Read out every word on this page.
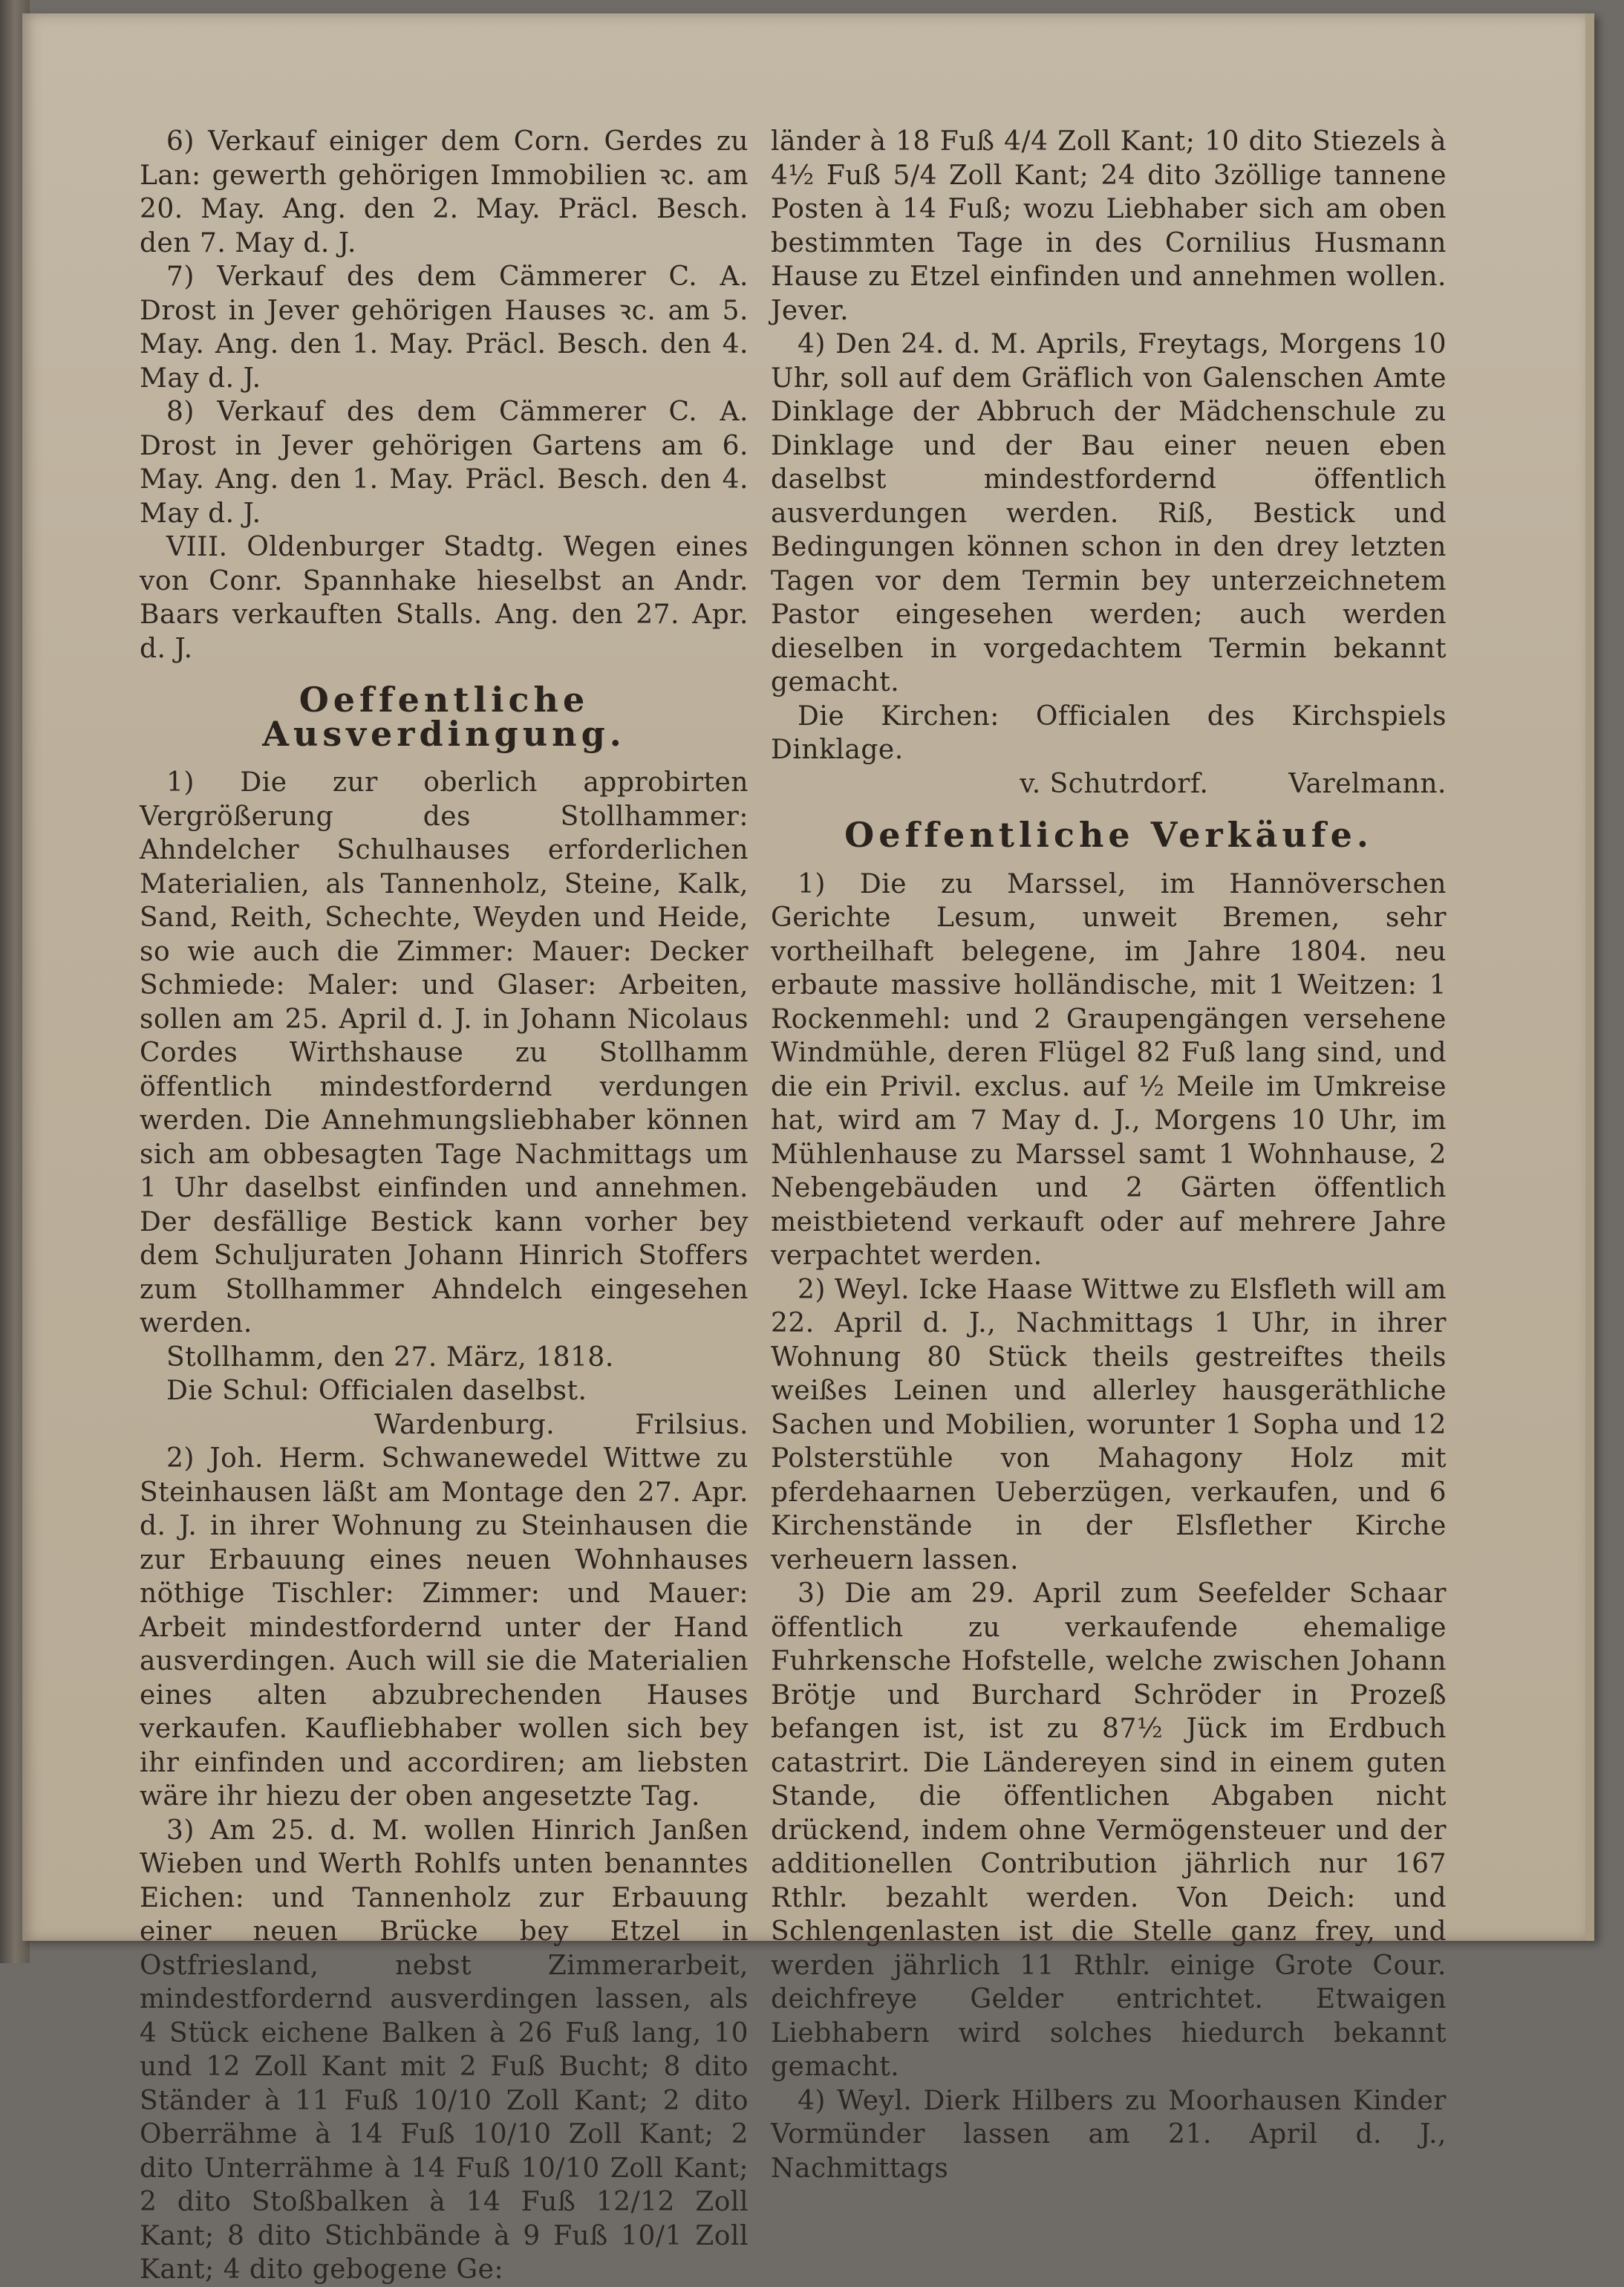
6) Verkauf einiger dem Corn. Gerdes zu Lan: gewerth gehörigen Immobilien ꝛc. am 20. May. Ang. den 2. May. Präcl. Besch. den 7. May d. J.

7) Verkauf des dem Cämmerer C. A. Drost in Jever gehörigen Hauses ꝛc. am 5. May. Ang. den 1. May. Präcl. Besch. den 4. May d. J.

8) Verkauf des dem Cämmerer C. A. Drost in Jever gehörigen Gartens am 6. May. Ang. den 1. May. Präcl. Besch. den 4. May d. J.

VIII. Oldenburger Stadtg. Wegen eines von Conr. Spannhake hieselbst an Andr. Baars verkauften Stalls. Ang. den 27. Apr. d. J.

Oeffentliche Ausverdingung.

1) Die zur oberlich approbirten Vergrößerung des Stollhammer: Ahndelcher Schulhauses erforderlichen Materialien, als Tannenholz, Steine, Kalk, Sand, Reith, Schechte, Weyden und Heide, so wie auch die Zimmer: Mauer: Decker Schmiede: Maler: und Glaser: Arbeiten, sollen am 25. April d. J. in Johann Nicolaus Cordes Wirthshause zu Stollhamm öffentlich mindestfordernd verdungen werden. Die Annehmungsliebhaber können sich am obbesagten Tage Nachmittags um 1 Uhr daselbst einfinden und annehmen. Der desfällige Bestick kann vorher bey dem Schuljuraten Johann Hinrich Stoffers zum Stollhammer Ahndelch eingesehen werden.

Stollhamm, den 27. März, 1818.

Die Schul: Officialen daselbst.

Wardenburg.	Frilsius.

2) Joh. Herm. Schwanewedel Wittwe zu Steinhausen läßt am Montage den 27. Apr. d. J. in ihrer Wohnung zu Steinhausen die zur Erbauung eines neuen Wohnhauses nöthige Tischler: Zimmer: und Mauer: Arbeit mindestfordernd unter der Hand ausverdingen. Auch will sie die Materialien eines alten abzubrechenden Hauses verkaufen. Kaufliebhaber wollen sich bey ihr einfinden und accordiren; am liebsten wäre ihr hiezu der oben angesetzte Tag.

3) Am 25. d. M. wollen Hinrich Janßen Wieben und Werth Rohlfs unten benanntes Eichen: und Tannenholz zur Erbauung einer neuen Brücke bey Etzel in Ostfriesland, nebst Zimmerarbeit, mindestfordernd ausverdingen lassen, als 4 Stück eichene Balken à 26 Fuß lang, 10 und 12 Zoll Kant mit 2 Fuß Bucht; 8 dito Ständer à 11 Fuß 10/10 Zoll Kant; 2 dito Oberrähme à 14 Fuß 10/10 Zoll Kant; 2 dito Unterrähme à 14 Fuß 10/10 Zoll Kant; 2 dito Stoßbalken à 14 Fuß 12/12 Zoll Kant; 8 dito Stichbände à 9 Fuß 10/1 Zoll Kant; 4 dito gebogene Ge:

länder à 18 Fuß 4/4 Zoll Kant; 10 dito Stiezels à 4½ Fuß 5/4 Zoll Kant; 24 dito 3zöllige tannene Posten à 14 Fuß; wozu Liebhaber sich am oben bestimmten Tage in des Cornilius Husmann Hause zu Etzel einfinden und annehmen wollen. Jever.

4) Den 24. d. M. Aprils, Freytags, Morgens 10 Uhr, soll auf dem Gräflich von Galenschen Amte Dinklage der Abbruch der Mädchenschule zu Dinklage und der Bau einer neuen eben daselbst mindestfordernd öffentlich ausverdungen werden. Riß, Bestick und Bedingungen können schon in den drey letzten Tagen vor dem Termin bey unterzeichnetem Pastor eingesehen werden; auch werden dieselben in vorgedachtem Termin bekannt gemacht.

Die Kirchen: Officialen des Kirchspiels Dinklage.

v. Schutrdorf.	Varelmann.

Oeffentliche Verkäufe.

1) Die zu Marssel, im Hannöverschen Gerichte Lesum, unweit Bremen, sehr vortheilhaft belegene, im Jahre 1804. neu erbaute massive holländische, mit 1 Weitzen: 1 Rockenmehl: und 2 Graupengängen versehene Windmühle, deren Flügel 82 Fuß lang sind, und die ein Privil. exclus. auf ½ Meile im Umkreise hat, wird am 7 May d. J., Morgens 10 Uhr, im Mühlenhause zu Marssel samt 1 Wohnhause, 2 Nebengebäuden und 2 Gärten öffentlich meistbietend verkauft oder auf mehrere Jahre verpachtet werden.

2) Weyl. Icke Haase Wittwe zu Elsfleth will am 22. April d. J., Nachmittags 1 Uhr, in ihrer Wohnung 80 Stück theils gestreiftes theils weißes Leinen und allerley hausgeräthliche Sachen und Mobilien, worunter 1 Sopha und 12 Polsterstühle von Mahagony Holz mit pferdehaarnen Ueberzügen, verkaufen, und 6 Kirchenstände in der Elsflether Kirche verheuern lassen.

3) Die am 29. April zum Seefelder Schaar öffentlich zu verkaufende ehemalige Fuhrkensche Hofstelle, welche zwischen Johann Brötje und Burchard Schröder in Prozeß befangen ist, ist zu 87½ Jück im Erdbuch catastrirt. Die Ländereyen sind in einem guten Stande, die öffentlichen Abgaben nicht drückend, indem ohne Vermögensteuer und der additionellen Contribution jährlich nur 167 Rthlr. bezahlt werden. Von Deich: und Schlengenlasten ist die Stelle ganz frey, und werden jährlich 11 Rthlr. einige Grote Cour. deichfreye Gelder entrichtet. Etwaigen Liebhabern wird solches hiedurch bekannt gemacht.

4) Weyl. Dierk Hilbers zu Moorhausen Kinder Vormünder lassen am 21. April d. J., Nachmittags
